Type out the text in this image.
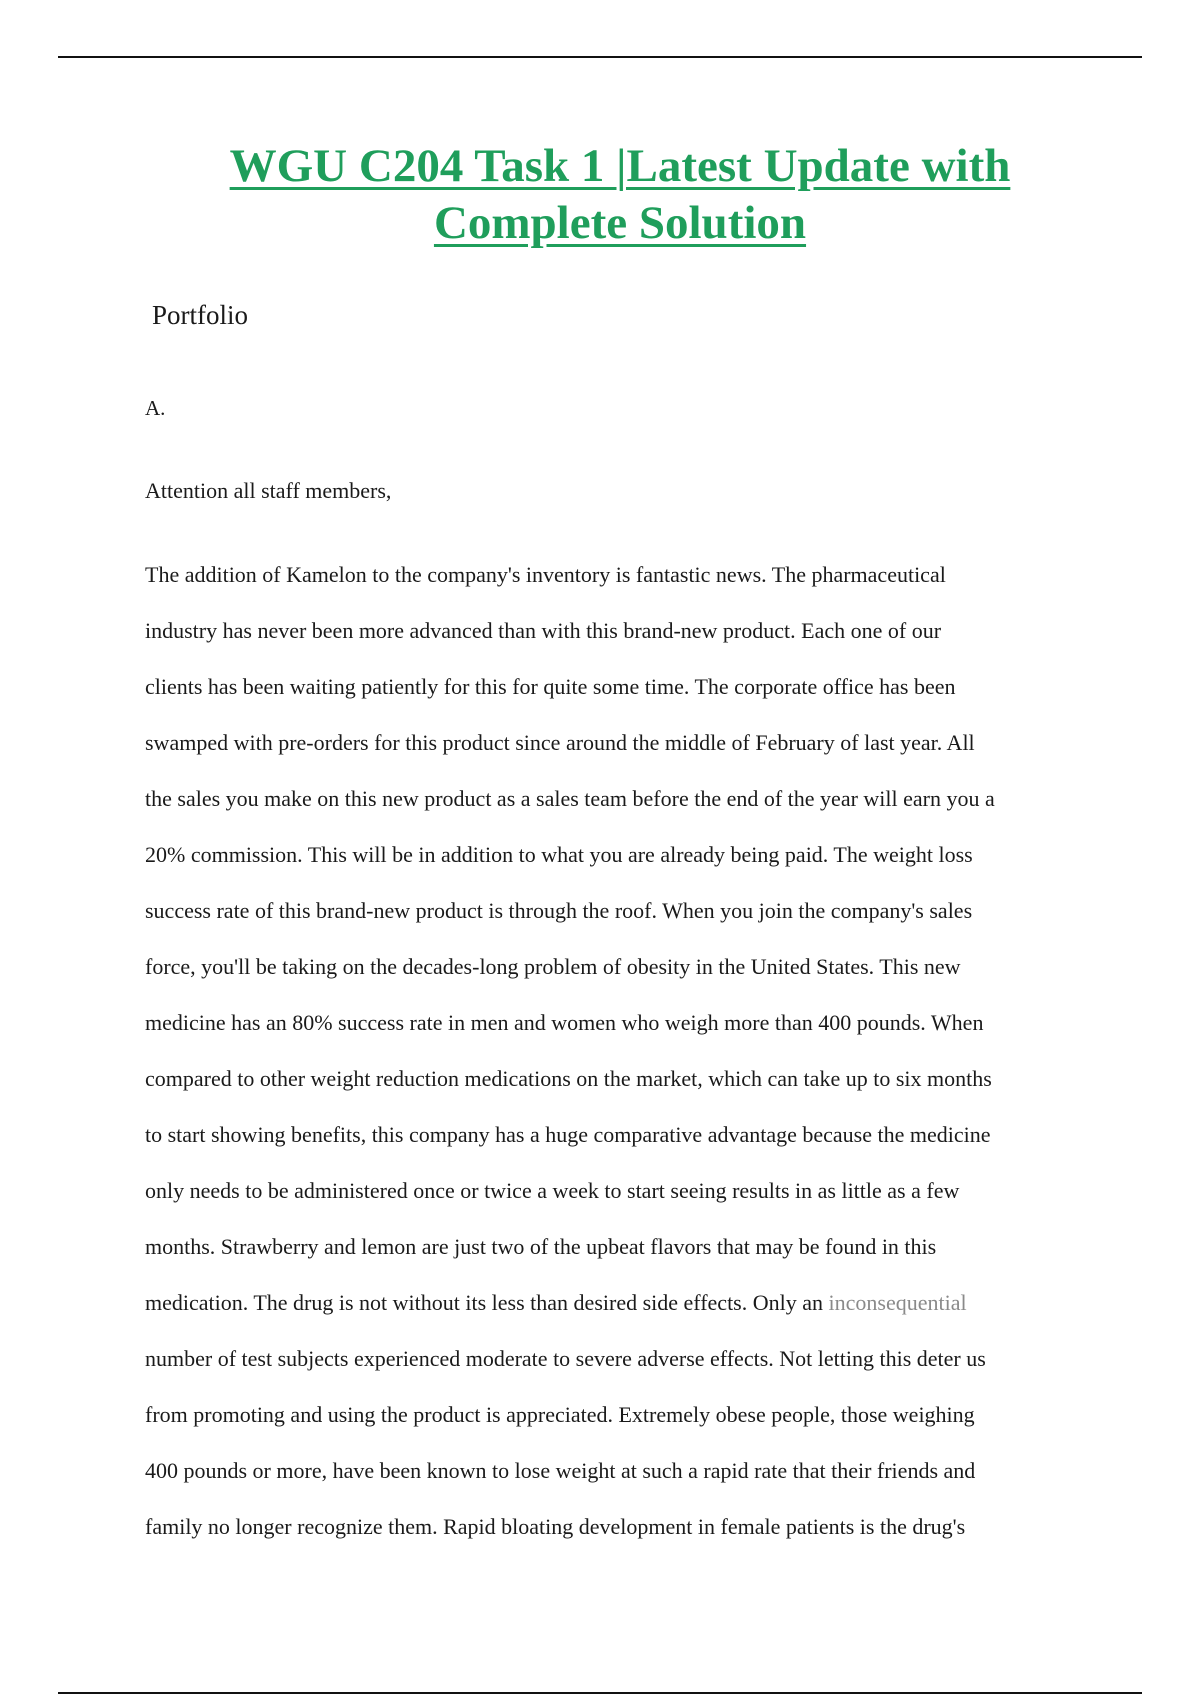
WGU C204 Task 1 |Latest Update with
Complete Solution

Portfolio

A.

Attention all staff members,

The addition of Kamelon to the company's inventory is fantastic news. The pharmaceutical
industry has never been more advanced than with this brand-new product. Each one of our
clients has been waiting patiently for this for quite some time. The corporate office has been
swamped with pre-orders for this product since around the middle of February of last year. All
the sales you make on this new product as a sales team before the end of the year will earn you a
20% commission. This will be in addition to what you are already being paid. The weight loss
success rate of this brand-new product is through the roof. When you join the company's sales
force, you'll be taking on the decades-long problem of obesity in the United States. This new
medicine has an 80% success rate in men and women who weigh more than 400 pounds. When
compared to other weight reduction medications on the market, which can take up to six months
to start showing benefits, this company has a huge comparative advantage because the medicine
only needs to be administered once or twice a week to start seeing results in as little as a few
months. Strawberry and lemon are just two of the upbeat flavors that may be found in this
medication. The drug is not without its less than desired side effects. Only an inconsequential
number of test subjects experienced moderate to severe adverse effects. Not letting this deter us
from promoting and using the product is appreciated. Extremely obese people, those weighing
400 pounds or more, have been known to lose weight at such a rapid rate that their friends and
family no longer recognize them. Rapid bloating development in female patients is the drug's
